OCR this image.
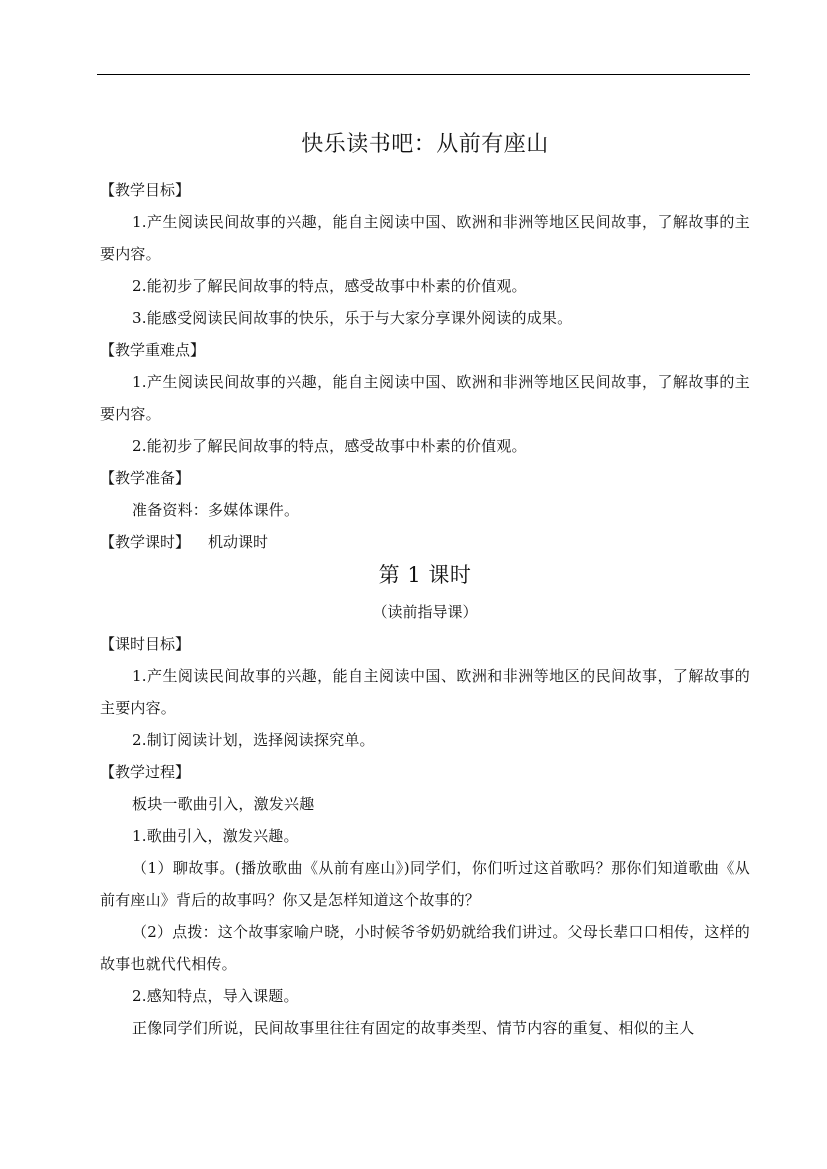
快乐读书吧：从前有座山
【教学目标】
1.产生阅读民间故事的兴趣，能自主阅读中国、欧洲和非洲等地区民间故事，了解故事的主要内容。
2.能初步了解民间故事的特点，感受故事中朴素的价值观。
3.能感受阅读民间故事的快乐，乐于与大家分享课外阅读的成果。
【教学重难点】
1.产生阅读民间故事的兴趣，能自主阅读中国、欧洲和非洲等地区民间故事，了解故事的主要内容。
2.能初步了解民间故事的特点，感受故事中朴素的价值观。
【教学准备】
准备资料：多媒体课件。
【教学课时】 机动课时
第 1 课时
（读前指导课）
【课时目标】
1.产生阅读民间故事的兴趣，能自主阅读中国、欧洲和非洲等地区的民间故事，了解故事的主要内容。
2.制订阅读计划，选择阅读探究单。
【教学过程】
板块一歌曲引入，激发兴趣
1.歌曲引入，激发兴趣。
（1）聊故事。(播放歌曲《从前有座山》)同学们，你们听过这首歌吗？那你们知道歌曲《从前有座山》背后的故事吗？你又是怎样知道这个故事的？
（2）点拨：这个故事家喻户晓，小时候爷爷奶奶就给我们讲过。父母长辈口口相传，这样的故事也就代代相传。
2.感知特点，导入课题。
正像同学们所说，民间故事里往往有固定的故事类型、情节内容的重复、相似的主人
